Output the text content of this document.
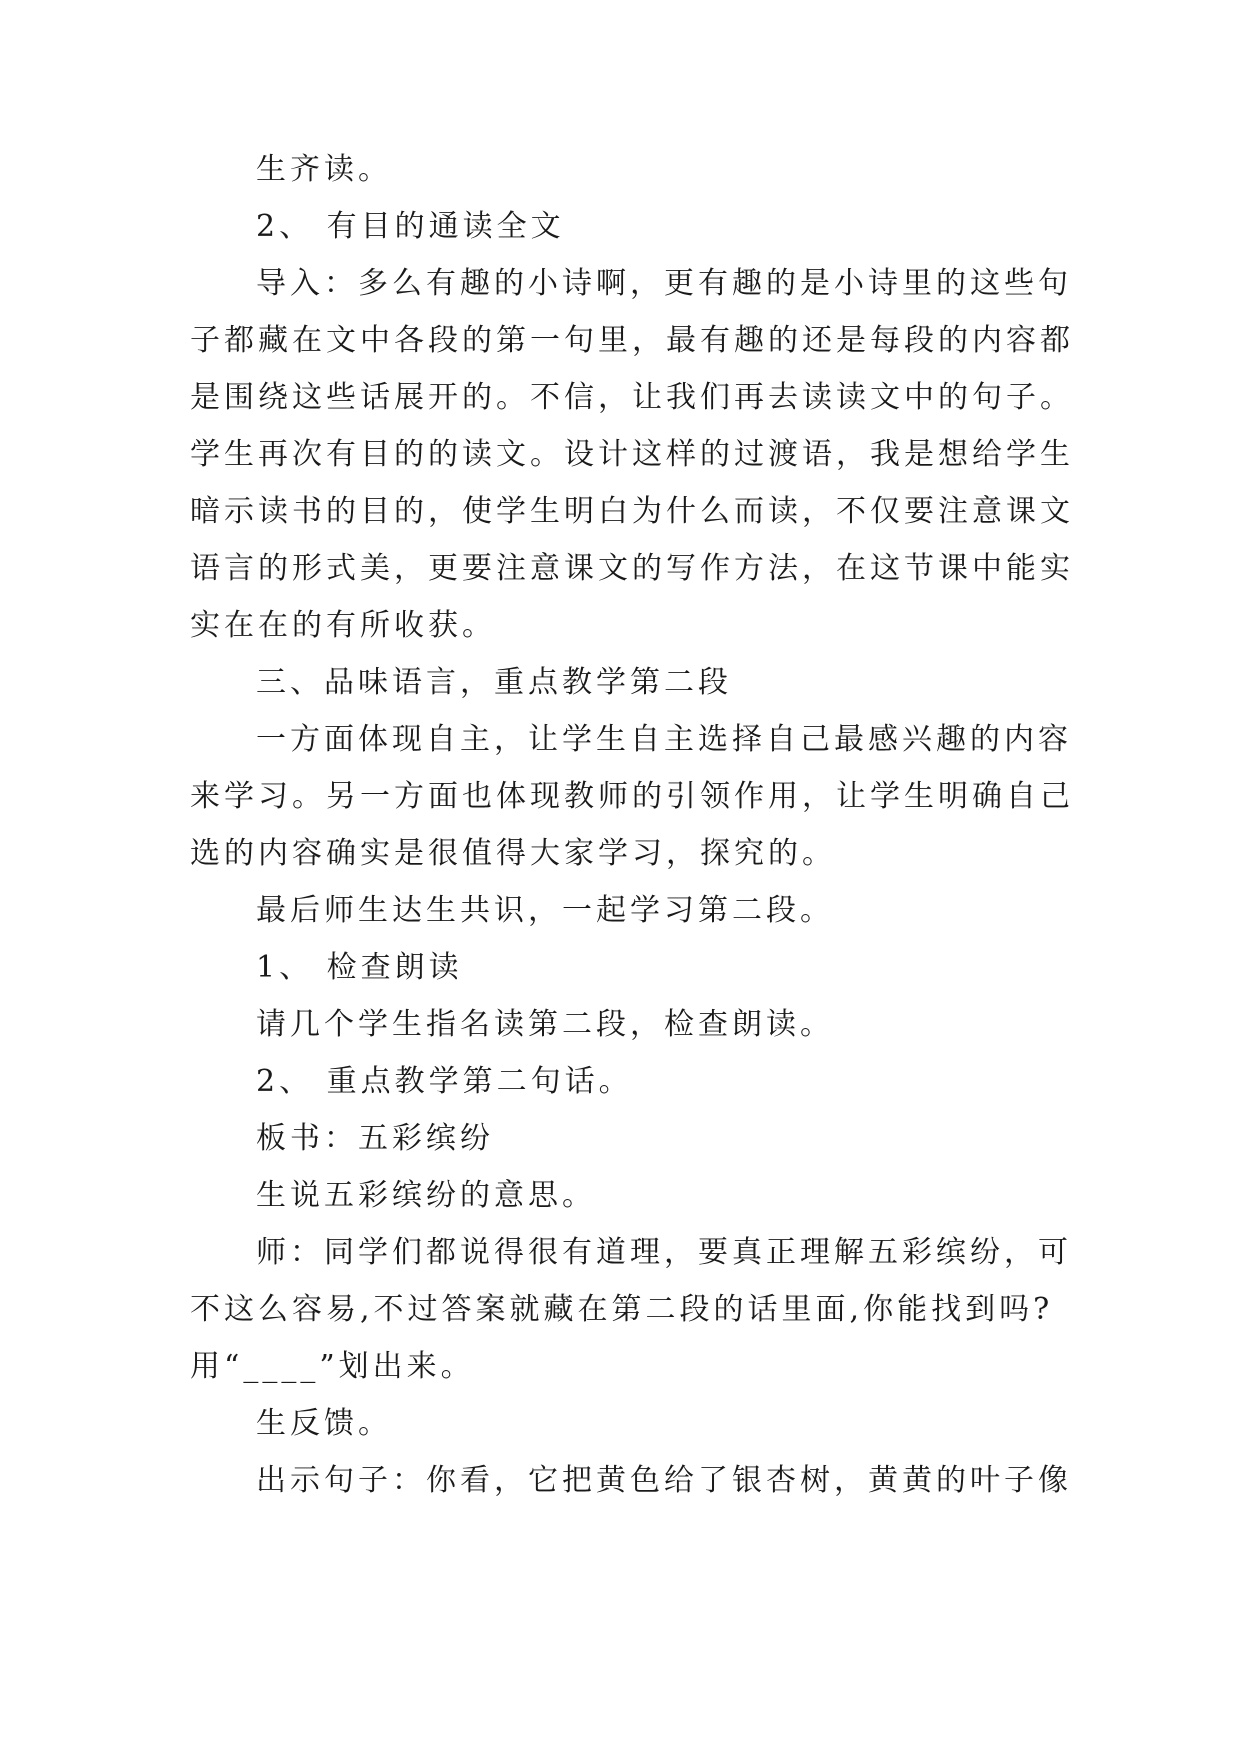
生齐读。
2、 有目的通读全文
导入：多么有趣的小诗啊，更有趣的是小诗里的这些句
子都藏在文中各段的第一句里，最有趣的还是每段的内容都
是围绕这些话展开的。不信，让我们再去读读文中的句子。
学生再次有目的的读文。设计这样的过渡语，我是想给学生
暗示读书的目的，使学生明白为什么而读，不仅要注意课文
语言的形式美，更要注意课文的写作方法，在这节课中能实
实在在的有所收获。
三、品味语言，重点教学第二段
一方面体现自主，让学生自主选择自己最感兴趣的内容
来学习。另一方面也体现教师的引领作用，让学生明确自己
选的内容确实是很值得大家学习，探究的。
最后师生达生共识，一起学习第二段。
1、 检查朗读
请几个学生指名读第二段，检查朗读。
2、 重点教学第二句话。
板书：五彩缤纷
生说五彩缤纷的意思。
师：同学们都说得很有道理，要真正理解五彩缤纷，可
不这么容易,不过答案就藏在第二段的话里面,你能找到吗?
用“____”划出来。
生反馈。
出示句子：你看，它把黄色给了银杏树，黄黄的叶子像
